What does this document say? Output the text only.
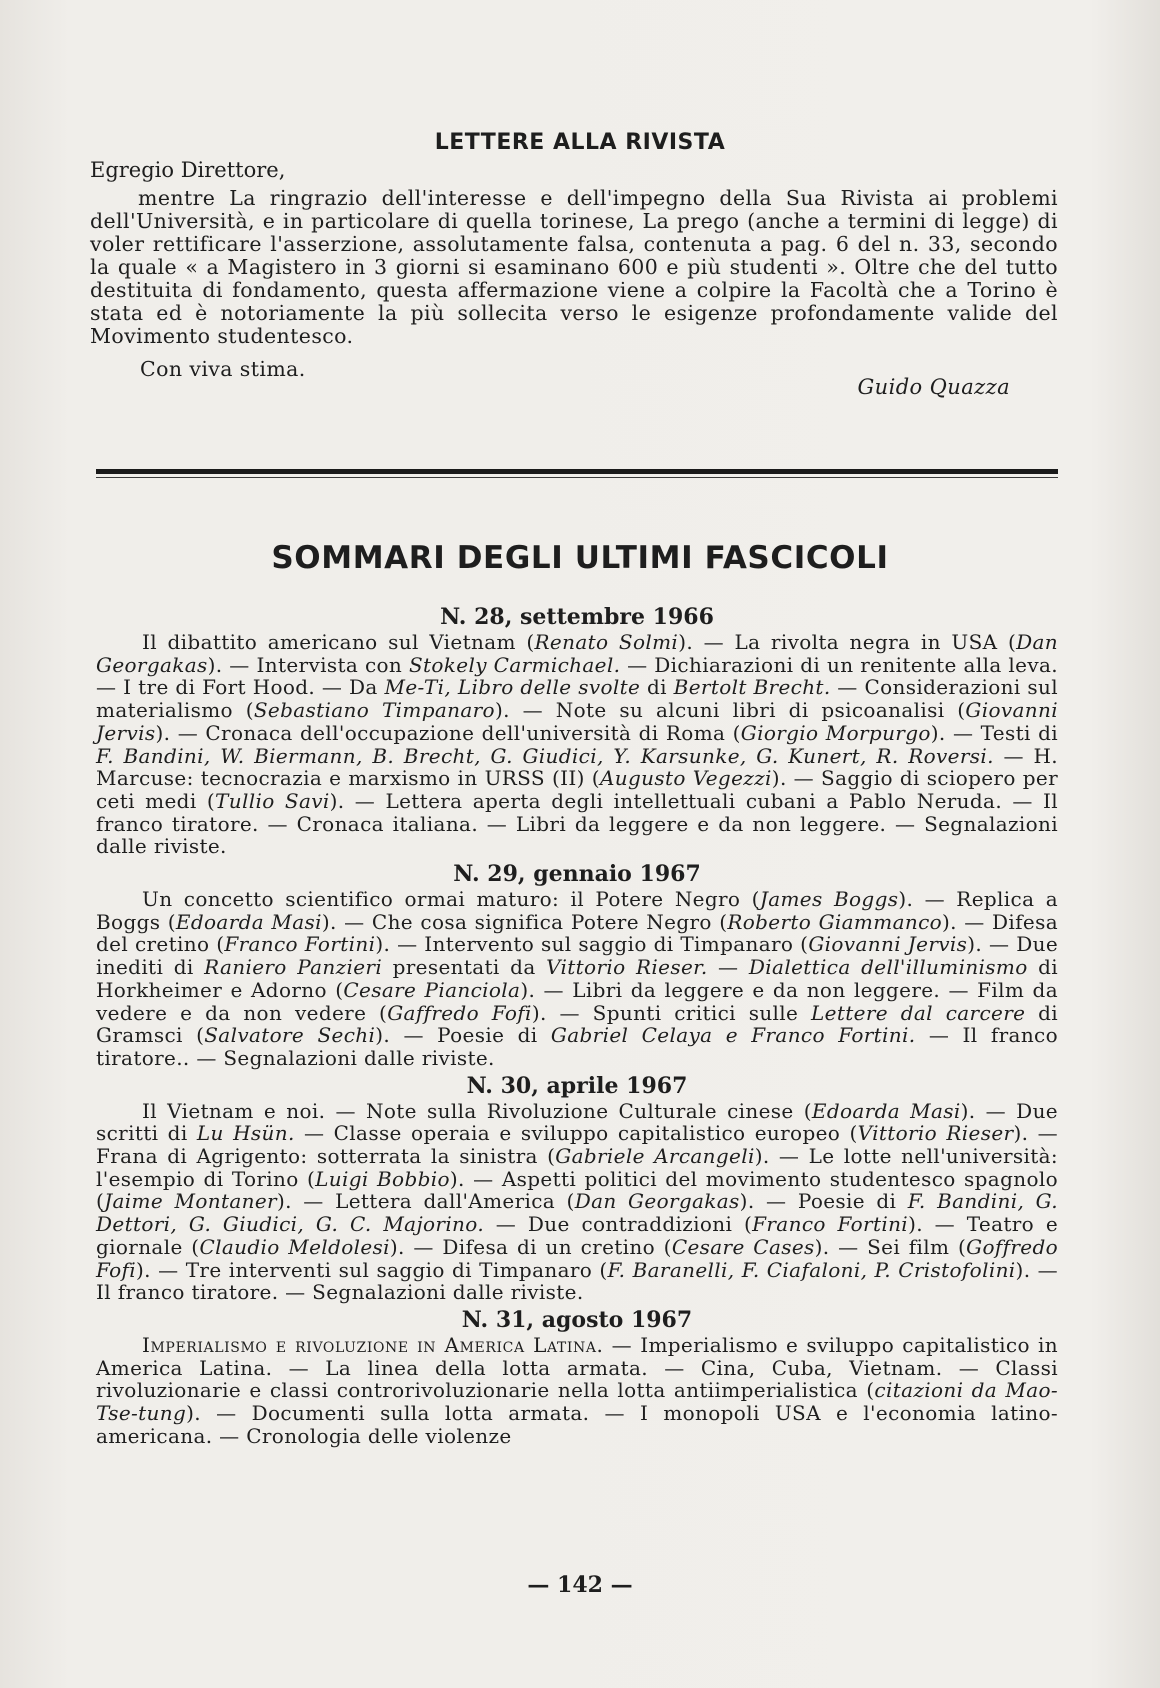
LETTERE ALLA RIVISTA
Egregio Direttore,
mentre La ringrazio dell'interesse e dell'impegno della Sua Rivista ai problemi dell'Università, e in particolare di quella torinese, La prego (anche a termini di legge) di voler rettificare l'asserzione, assolutamente falsa, contenuta a pag. 6 del n. 33, secondo la quale « a Magistero in 3 giorni si esaminano 600 e più studenti ». Oltre che del tutto destituita di fondamento, questa affermazione viene a colpire la Facoltà che a Torino è stata ed è notoriamente la più sollecita verso le esigenze profondamente valide del Movimento studentesco.
Con viva stima.
Guido Quazza
SOMMARI DEGLI ULTIMI FASCICOLI

N. 28, settembre 1966

Il dibattito americano sul Vietnam (Renato Solmi). — La rivolta negra in USA (Dan Georgakas). — Intervista con Stokely Carmichael. — Dichiarazioni di un renitente alla leva. — I tre di Fort Hood. — Da Me-Ti, Libro delle svolte di Bertolt Brecht. — Considerazioni sul materialismo (Sebastiano Timpanaro). — Note su alcuni libri di psicoanalisi (Giovanni Jervis). — Cronaca dell'occupazione dell'università di Roma (Giorgio Morpurgo). — Testi di F. Bandini, W. Biermann, B. Brecht, G. Giudici, Y. Karsunke, G. Kunert, R. Roversi. — H. Marcuse: tecnocrazia e marxismo in URSS (II) (Augusto Vegezzi). — Saggio di sciopero per ceti medi (Tullio Savi). — Lettera aperta degli intellettuali cubani a Pablo Neruda. — Il franco tiratore. — Cronaca italiana. — Libri da leggere e da non leggere. — Segnalazioni dalle riviste.

N. 29, gennaio 1967

Un concetto scientifico ormai maturo: il Potere Negro (James Boggs). — Replica a Boggs (Edoarda Masi). — Che cosa significa Potere Negro (Roberto Giammanco). — Difesa del cretino (Franco Fortini). — Intervento sul saggio di Timpanaro (Giovanni Jervis). — Due inediti di Raniero Panzieri presentati da Vittorio Rieser. — Dialettica dell'illuminismo di Horkheimer e Adorno (Cesare Pianciola). — Libri da leggere e da non leggere. — Film da vedere e da non vedere (Gaffredo Fofi). — Spunti critici sulle Lettere dal carcere di Gramsci (Salvatore Sechi). — Poesie di Gabriel Celaya e Franco Fortini. — Il franco tiratore.. — Segnalazioni dalle riviste.

N. 30, aprile 1967

Il Vietnam e noi. — Note sulla Rivoluzione Culturale cinese (Edoarda Masi). — Due scritti di Lu Hsün. — Classe operaia e sviluppo capitalistico europeo (Vittorio Rieser). — Frana di Agrigento: sotterrata la sinistra (Gabriele Arcangeli). — Le lotte nell'università: l'esempio di Torino (Luigi Bobbio). — Aspetti politici del movimento studentesco spagnolo (Jaime Montaner). — Lettera dall'America (Dan Georgakas). — Poesie di F. Bandini, G. Dettori, G. Giudici, G. C. Majorino. — Due contraddizioni (Franco Fortini). — Teatro e giornale (Claudio Meldolesi). — Difesa di un cretino (Cesare Cases). — Sei film (Goffredo Fofi). — Tre interventi sul saggio di Timpanaro (F. Baranelli, F. Ciafaloni, P. Cristofolini). — Il franco tiratore. — Segnalazioni dalle riviste.

N. 31, agosto 1967

Imperialismo e rivoluzione in America Latina. — Imperialismo e sviluppo capitalistico in America Latina. — La linea della lotta armata. — Cina, Cuba, Vietnam. — Classi rivoluzionarie e classi controrivoluzionarie nella lotta antiimperialistica (citazioni da Mao-Tse-tung). — Documenti sulla lotta armata. — I monopoli USA e l'economia latino-americana. — Cronologia delle violenze

— 142 —
